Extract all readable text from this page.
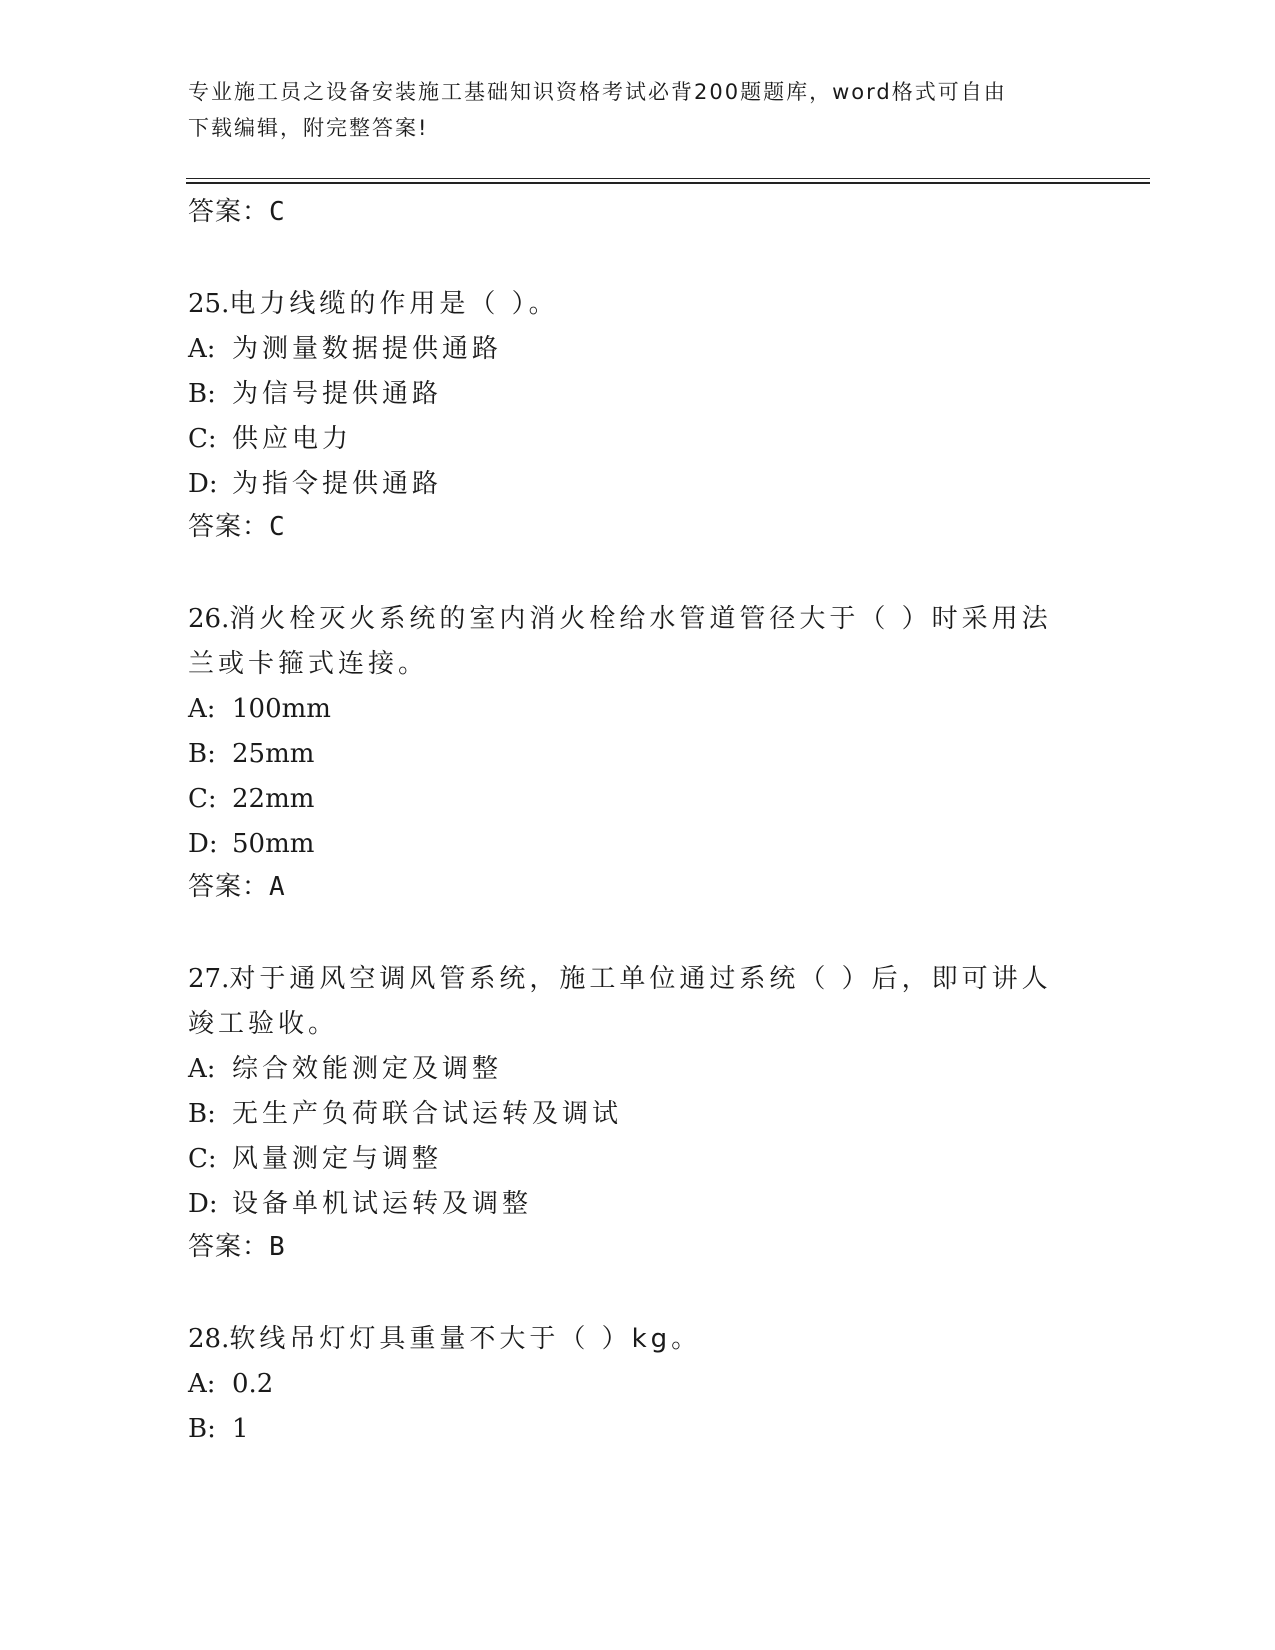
专业施工员之设备安装施工基础知识资格考试必背200题题库，word格式可自由
下载编辑，附完整答案!
答案：C
25.电力线缆的作用是（ ）。
A: 为测量数据提供通路
B: 为信号提供通路
C: 供应电力
D: 为指令提供通路
答案：C
26.消火栓灭火系统的室内消火栓给水管道管径大于（ ）时采用法兰或卡箍式连接。
A: 100mm
B: 25mm
C: 22mm
D: 50mm
答案：A
27.对于通风空调风管系统，施工单位通过系统（ ）后，即可讲人竣工验收。
A: 综合效能测定及调整
B: 无生产负荷联合试运转及调试
C: 风量测定与调整
D: 设备单机试运转及调整
答案：B
28.软线吊灯灯具重量不大于（ ）kg。
A: 0.2
B: 1
